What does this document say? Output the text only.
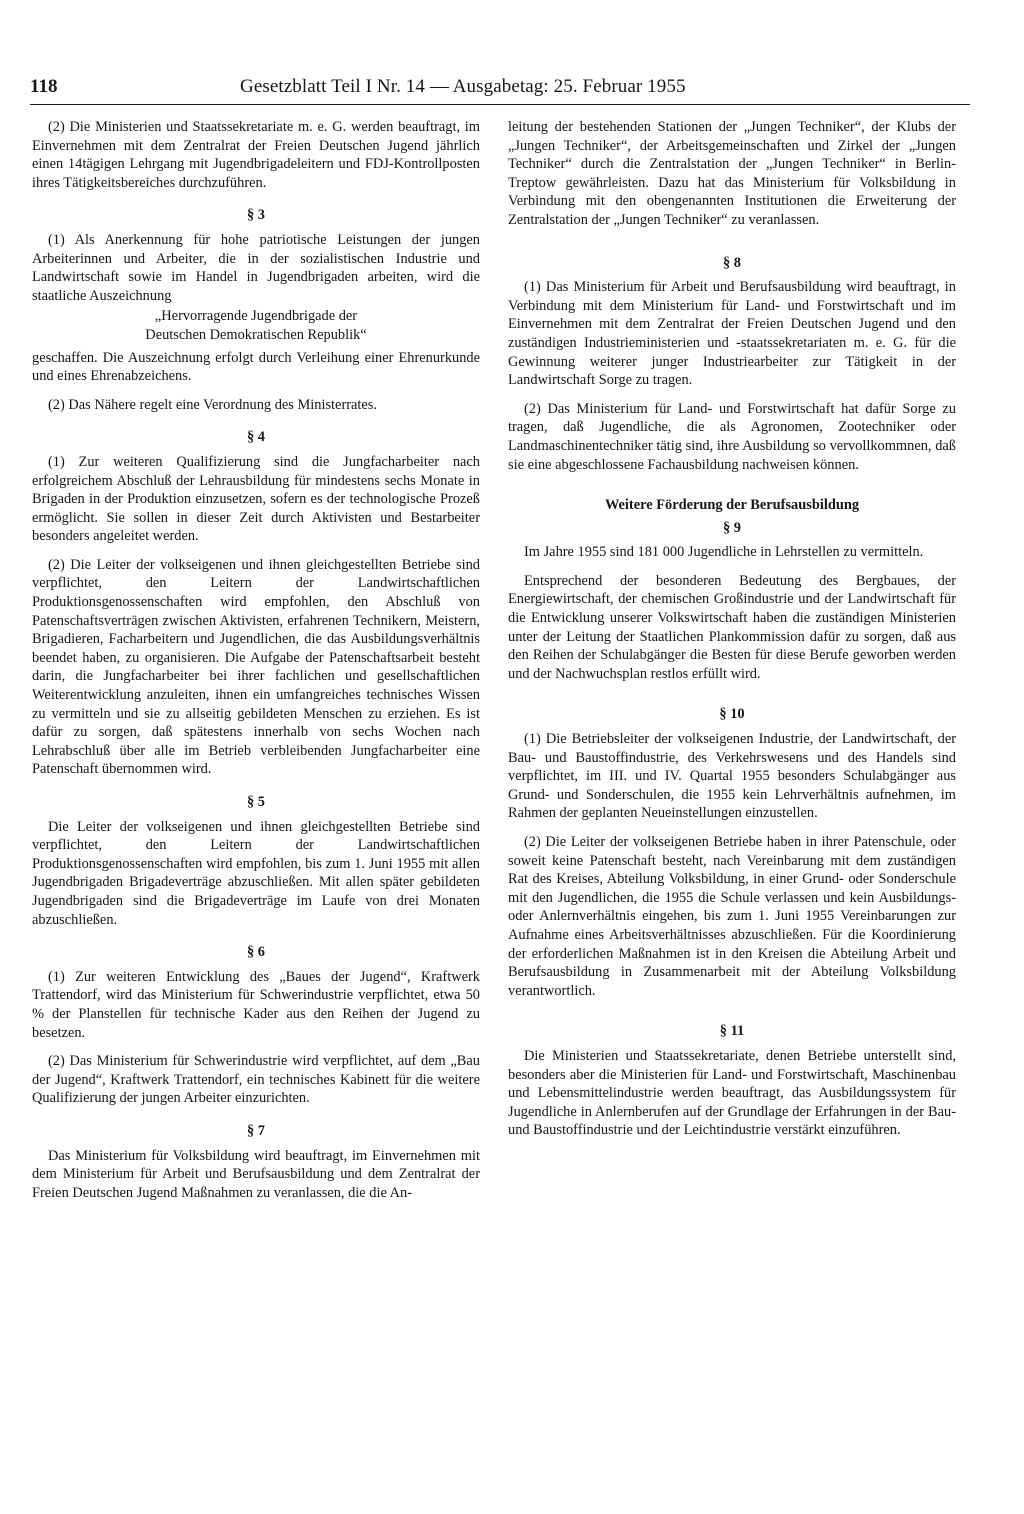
118	Gesetzblatt Teil I Nr. 14 — Ausgabetag: 25. Februar 1955

(2) Die Ministerien und Staatssekretariate m. e. G. werden beauftragt, im Einvernehmen mit dem Zentralrat der Freien Deutschen Jugend jährlich einen 14tägigen Lehrgang mit Jugendbrigadeleitern und FDJ-Kontrollposten ihres Tätigkeitsbereiches durchzuführen.

§ 3

(1) Als Anerkennung für hohe patriotische Leistungen der jungen Arbeiterinnen und Arbeiter, die in der sozialistischen Industrie und Landwirtschaft sowie im Handel in Jugendbrigaden arbeiten, wird die staatliche Auszeichnung

„Hervorragende Jugendbrigade der
Deutschen Demokratischen Republik“

geschaffen. Die Auszeichnung erfolgt durch Verleihung einer Ehrenurkunde und eines Ehrenabzeichens.

(2) Das Nähere regelt eine Verordnung des Ministerrates.

§ 4

(1) Zur weiteren Qualifizierung sind die Jungfacharbeiter nach erfolgreichem Abschluß der Lehrausbildung für mindestens sechs Monate in Brigaden in der Produktion einzusetzen, sofern es der technologische Prozeß ermöglicht. Sie sollen in dieser Zeit durch Aktivisten und Bestarbeiter besonders angeleitet werden.

(2) Die Leiter der volkseigenen und ihnen gleichgestellten Betriebe sind verpflichtet, den Leitern der Landwirtschaftlichen Produktionsgenossenschaften wird empfohlen, den Abschluß von Patenschaftsverträgen zwischen Aktivisten, erfahrenen Technikern, Meistern, Brigadieren, Facharbeitern und Jugendlichen, die das Ausbildungsverhältnis beendet haben, zu organisieren. Die Aufgabe der Patenschaftsarbeit besteht darin, die Jungfacharbeiter bei ihrer fachlichen und gesellschaftlichen Weiterentwicklung anzuleiten, ihnen ein umfangreiches technisches Wissen zu vermitteln und sie zu allseitig gebildeten Menschen zu erziehen. Es ist dafür zu sorgen, daß spätestens innerhalb von sechs Wochen nach Lehrabschluß über alle im Betrieb verbleibenden Jungfacharbeiter eine Patenschaft übernommen wird.

§ 5

Die Leiter der volkseigenen und ihnen gleichgestellten Betriebe sind verpflichtet, den Leitern der Landwirtschaftlichen Produktionsgenossenschaften wird empfohlen, bis zum 1. Juni 1955 mit allen Jugendbrigaden Brigadeverträge abzuschließen. Mit allen später gebildeten Jugendbrigaden sind die Brigadeverträge im Laufe von drei Monaten abzuschließen.

§ 6

(1) Zur weiteren Entwicklung des „Baues der Jugend“, Kraftwerk Trattendorf, wird das Ministerium für Schwerindustrie verpflichtet, etwa 50 % der Planstellen für technische Kader aus den Reihen der Jugend zu besetzen.

(2) Das Ministerium für Schwerindustrie wird verpflichtet, auf dem „Bau der Jugend“, Kraftwerk Trattendorf, ein technisches Kabinett für die weitere Qualifizierung der jungen Arbeiter einzurichten.

§ 7

Das Ministerium für Volksbildung wird beauftragt, im Einvernehmen mit dem Ministerium für Arbeit und Berufsausbildung und dem Zentralrat der Freien Deutschen Jugend Maßnahmen zu veranlassen, die die An-

leitung der bestehenden Stationen der „Jungen Techniker“, der Klubs der „Jungen Techniker“, der Arbeitsgemeinschaften und Zirkel der „Jungen Techniker“ durch die Zentralstation der „Jungen Techniker“ in Berlin-Treptow gewährleisten. Dazu hat das Ministerium für Volksbildung in Verbindung mit den obengenannten Institutionen die Erweiterung der Zentralstation der „Jungen Techniker“ zu veranlassen.

§ 8

(1) Das Ministerium für Arbeit und Berufsausbildung wird beauftragt, in Verbindung mit dem Ministerium für Land- und Forstwirtschaft und im Einvernehmen mit dem Zentralrat der Freien Deutschen Jugend und den zuständigen Industrieministerien und -staatssekretariaten m. e. G. für die Gewinnung weiterer junger Industriearbeiter zur Tätigkeit in der Landwirtschaft Sorge zu tragen.

(2) Das Ministerium für Land- und Forstwirtschaft hat dafür Sorge zu tragen, daß Jugendliche, die als Agronomen, Zootechniker oder Landmaschinentechniker tätig sind, ihre Ausbildung so vervollkommnen, daß sie eine abgeschlossene Fachausbildung nachweisen können.

Weitere Förderung der Berufsausbildung
§ 9

Im Jahre 1955 sind 181 000 Jugendliche in Lehrstellen zu vermitteln.

Entsprechend der besonderen Bedeutung des Bergbaues, der Energiewirtschaft, der chemischen Großindustrie und der Landwirtschaft für die Entwicklung unserer Volkswirtschaft haben die zuständigen Ministerien unter der Leitung der Staatlichen Plankommission dafür zu sorgen, daß aus den Reihen der Schulabgänger die Besten für diese Berufe geworben werden und der Nachwuchsplan restlos erfüllt wird.

§ 10

(1) Die Betriebsleiter der volkseigenen Industrie, der Landwirtschaft, der Bau- und Baustoffindustrie, des Verkehrswesens und des Handels sind verpflichtet, im III. und IV. Quartal 1955 besonders Schulabgänger aus Grund- und Sonderschulen, die 1955 kein Lehrverhältnis aufnehmen, im Rahmen der geplanten Neueinstellungen einzustellen.

(2) Die Leiter der volkseigenen Betriebe haben in ihrer Patenschule, oder soweit keine Patenschaft besteht, nach Vereinbarung mit dem zuständigen Rat des Kreises, Abteilung Volksbildung, in einer Grund- oder Sonderschule mit den Jugendlichen, die 1955 die Schule verlassen und kein Ausbildungs- oder Anlernverhältnis eingehen, bis zum 1. Juni 1955 Vereinbarungen zur Aufnahme eines Arbeitsverhältnisses abzuschließen. Für die Koordinierung der erforderlichen Maßnahmen ist in den Kreisen die Abteilung Arbeit und Berufsausbildung in Zusammenarbeit mit der Abteilung Volksbildung verantwortlich.

§ 11

Die Ministerien und Staatssekretariate, denen Betriebe unterstellt sind, besonders aber die Ministerien für Land- und Forstwirtschaft, Maschinenbau und Lebensmittelindustrie werden beauftragt, das Ausbildungssystem für Jugendliche in Anlernberufen auf der Grundlage der Erfahrungen in der Bau- und Baustoffindustrie und der Leichtindustrie verstärkt einzuführen.
